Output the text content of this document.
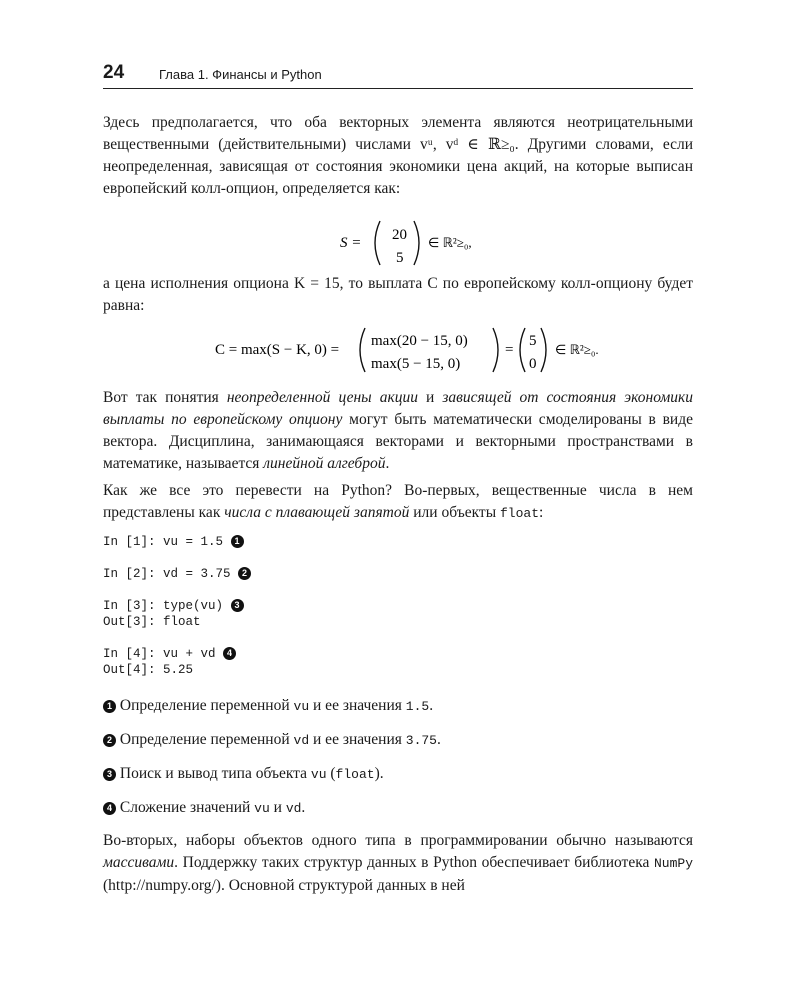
24	Глава 1. Финансы и Python

Здесь предполагается, что оба векторных элемента являются неотрицательными вещественными (действительными) числами vᵘ, vᵈ ∈ ℝ≥₀. Другими словами, если неопределенная, зависящая от состояния экономики цена акций, на которые выписан европейский колл-опцион, определяется как:

S = 20
5
∈ ℝ²≥₀,

а цена исполнения опциона K = 15, то выплата C по европейскому колл-опциону будет равна:

C = max(S − K, 0) =
max(20 − 15, 0)
max(5 − 15, 0)
=
5
0
∈ ℝ²≥₀.

Вот так понятия неопределенной цены акции и зависящей от состояния экономики выплаты по европейскому опциону могут быть математически смоделированы в виде вектора. Дисциплина, занимающаяся векторами и векторными пространствами в математике, называется линейной алгеброй.

Как же все это перевести на Python? Во-первых, вещественные числа в нем представлены как числа с плавающей запятой или объекты float:

In [1]: vu = 1.5 1
In [2]: vd = 3.75 2
In [3]: type(vu) 3
Out[3]: float
In [4]: vu + vd 4
Out[4]: 5.25
1 Определение переменной vu и ее значения 1.5.
2 Определение переменной vd и ее значения 3.75.
3 Поиск и вывод типа объекта vu (float).
4 Сложение значений vu и vd.

Во-вторых, наборы объектов одного типа в программировании обычно называются массивами. Поддержку таких структур данных в Python обеспечивает библиотека NumPy (http://numpy.org/). Основной структурой данных в ней
